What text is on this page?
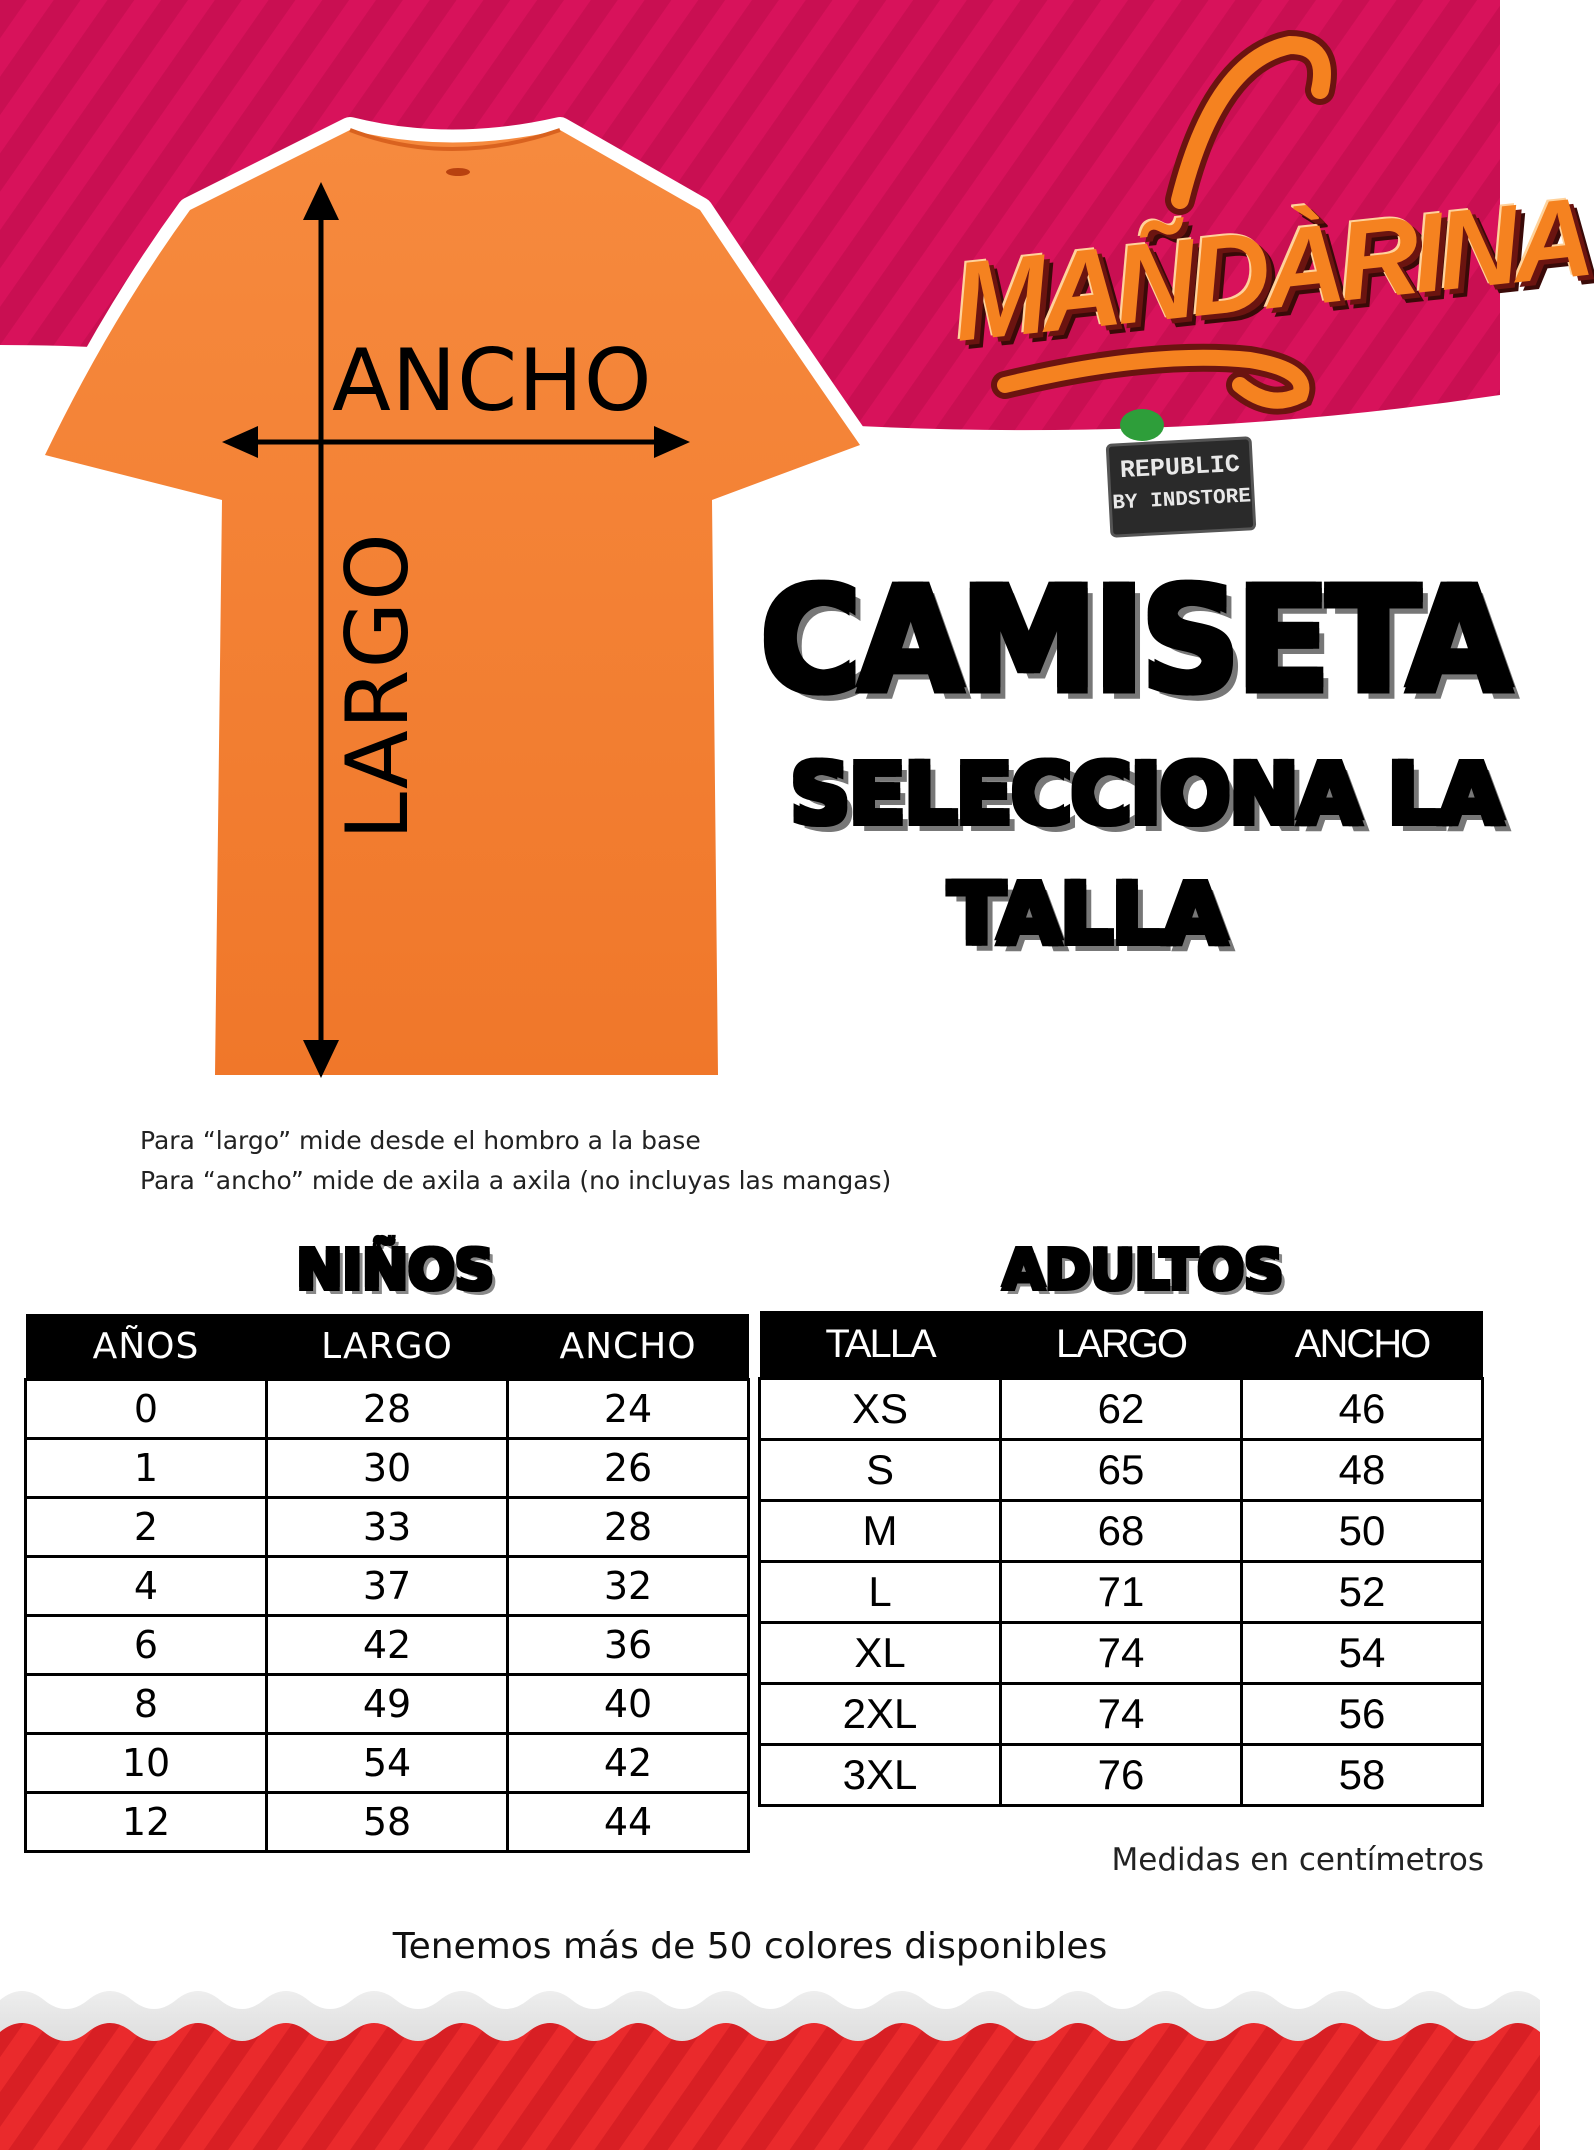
MAÑDÀRINA
REPUBLIC
BY INDSTORE
ANCHO
LARGO CAMISETA
SELECCIONA LA
TALLA
Para “largo” mide desde el hombro a la base
Para “ancho” mide de axila a axila (no incluyas las mangas)
NIÑOS	ADULTOS
AÑOS	LARGO	ANCHO
0	28	24
1	30	26
2	33	28
4	37	32
6	42	36
8	49	40
10	54	42
12	58	44
TALLA	LARGO	ANCHO
XS	62	46
S	65	48
M	68	50
L	71	52
XL	74	54
2XL	74	56
3XL	76	58
Medidas en centímetros
Tenemos más de 50 colores disponibles
